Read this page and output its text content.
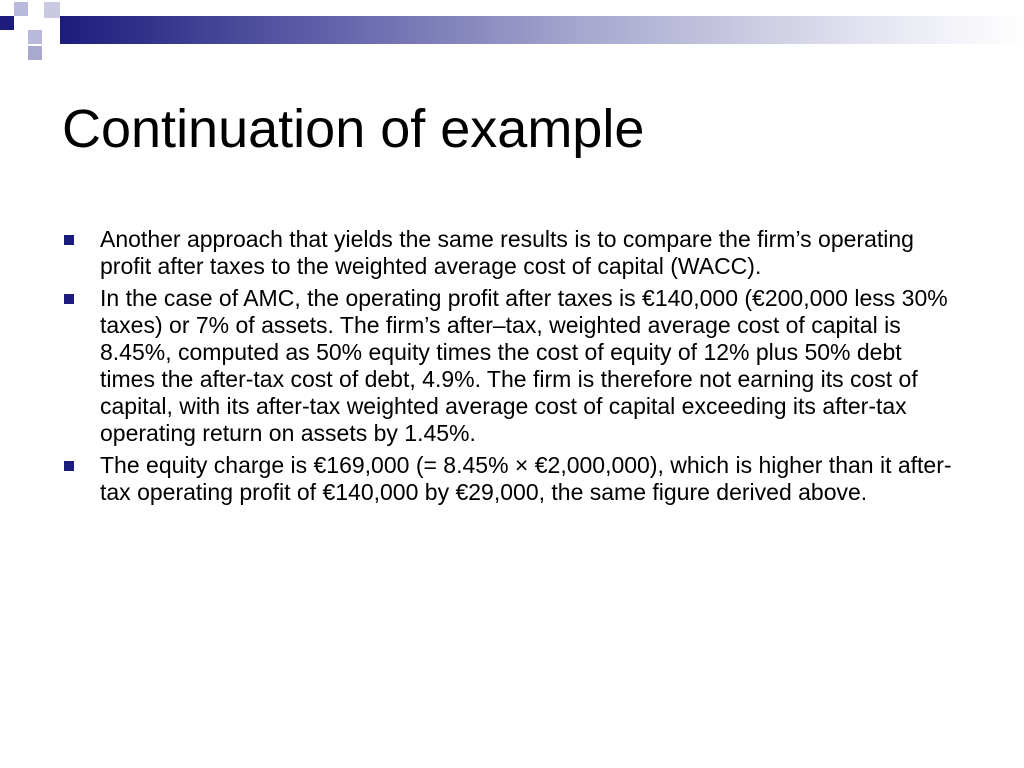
Continuation of example
Another approach that yields the same results is to compare the firm’s operating profit after taxes to the weighted average cost of capital (WACC).
In the case of AMC, the operating profit after taxes is €140,000 (€200,000 less 30% taxes) or 7% of assets. The firm’s after–tax, weighted average cost of capital is 8.45%, computed as 50% equity times the cost of equity of 12% plus 50% debt times the after-tax cost of debt, 4.9%. The firm is therefore not earning its cost of capital, with its after-tax weighted average cost of capital exceeding its after-tax operating return on assets by 1.45%.
The equity charge is €169,000 (= 8.45% × €2,000,000), which is higher than it after-tax operating profit of €140,000 by €29,000, the same figure derived above.
